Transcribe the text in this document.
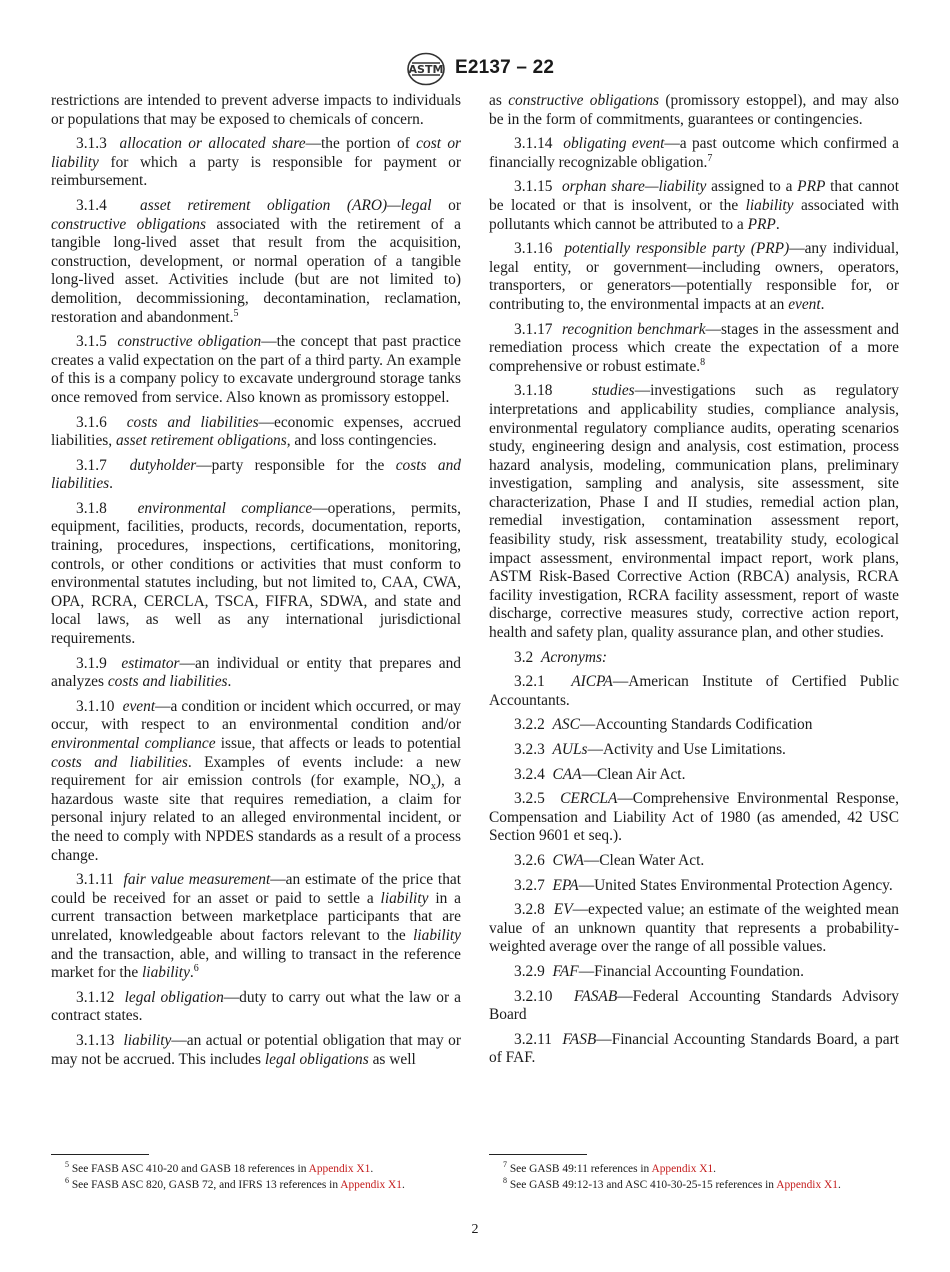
ASTM E2137 – 22

restrictions are intended to prevent adverse impacts to individuals or populations that may be exposed to chemicals of concern.

3.1.3 allocation or allocated share—the portion of cost or liability for which a party is responsible for payment or reimbursement.

3.1.4 asset retirement obligation (ARO)—legal or constructive obligations associated with the retirement of a tangible long-lived asset that result from the acquisition, construction, development, or normal operation of a tangible long-lived asset. Activities include (but are not limited to) demolition, decommissioning, decontamination, reclamation, restoration and abandonment.$^5$

3.1.5 constructive obligation—the concept that past practice creates a valid expectation on the part of a third party. An example of this is a company policy to excavate underground storage tanks once removed from service. Also known as promissory estoppel.

3.1.6 costs and liabilities—economic expenses, accrued liabilities, asset retirement obligations, and loss contingencies.

3.1.7 dutyholder—party responsible for the costs and liabilities.

3.1.8 environmental compliance—operations, permits, equipment, facilities, products, records, documentation, reports, training, procedures, inspections, certifications, monitoring, controls, or other conditions or activities that must conform to environmental statutes including, but not limited to, CAA, CWA, OPA, RCRA, CERCLA, TSCA, FIFRA, SDWA, and state and local laws, as well as any international jurisdictional requirements.

3.1.9 estimator—an individual or entity that prepares and analyzes costs and liabilities.

3.1.10 event—a condition or incident which occurred, or may occur, with respect to an environmental condition and/or environmental compliance issue, that affects or leads to potential costs and liabilities. Examples of events include: a new requirement for air emission controls (for example, $NO_x$), a hazardous waste site that requires remediation, a claim for personal injury related to an alleged environmental incident, or the need to comply with NPDES standards as a result of a process change.

3.1.11 fair value measurement—an estimate of the price that could be received for an asset or paid to settle a liability in a current transaction between marketplace participants that are unrelated, knowledgeable about factors relevant to the liability and the transaction, able, and willing to transact in the reference market for the liability.$^6$

3.1.12 legal obligation—duty to carry out what the law or a contract states.

3.1.13 liability—an actual or potential obligation that may or may not be accrued. This includes legal obligations as well

as constructive obligations (promissory estoppel), and may also be in the form of commitments, guarantees or contingencies.

3.1.14 obligating event—a past outcome which confirmed a financially recognizable obligation.$^7$

3.1.15 orphan share—liability assigned to a PRP that cannot be located or that is insolvent, or the liability associated with pollutants which cannot be attributed to a PRP.

3.1.16 potentially responsible party (PRP)—any individual, legal entity, or government—including owners, operators, transporters, or generators—potentially responsible for, or contributing to, the environmental impacts at an event.

3.1.17 recognition benchmark—stages in the assessment and remediation process which create the expectation of a more comprehensive or robust estimate.$^8$

3.1.18	studies—investigations such as regulatory interpretations and applicability studies, compliance analysis, environmental regulatory compliance audits, operating scenarios study, engineering design and analysis, cost estimation, process hazard analysis, modeling, communication plans, preliminary investigation, sampling and analysis, site assessment, site characterization, Phase I and II studies, remedial action plan, remedial investigation, contamination assessment report, feasibility study, risk assessment, treatability study, ecological impact assessment, environmental impact report, work plans, ASTM Risk-Based Corrective Action (RBCA) analysis, RCRA facility investigation, RCRA facility assessment, report of waste discharge, corrective measures study, corrective action report, health and safety plan, quality assurance plan, and other studies.

3.2 Acronyms:

3.2.1 AICPA—American Institute of Certified Public Accountants.

3.2.2 ASC—Accounting Standards Codification

3.2.3 AULs—Activity and Use Limitations.

3.2.4 CAA—Clean Air Act.

3.2.5 CERCLA—Comprehensive Environmental Response, Compensation and Liability Act of 1980 (as amended, 42 USC Section 9601 et seq.).

3.2.6 CWA—Clean Water Act.

3.2.7 EPA—United States Environmental Protection Agency.

3.2.8 EV—expected value; an estimate of the weighted mean value of an unknown quantity that represents a probability-weighted average over the range of all possible values.

3.2.9 FAF—Financial Accounting Foundation.

3.2.10 FASAB—Federal Accounting Standards Advisory Board

3.2.11 FASB—Financial Accounting Standards Board, a part of FAF.

$^5$ See FASB ASC 410-20 and GASB 18 references in Appendix X1.
$^6$ See FASB ASC 820, GASB 72, and IFRS 13 references in Appendix X1.
$^7$ See GASB 49:11 references in Appendix X1.
$^8$ See GASB 49:12-13 and ASC 410-30-25-15 references in Appendix X1.
2
